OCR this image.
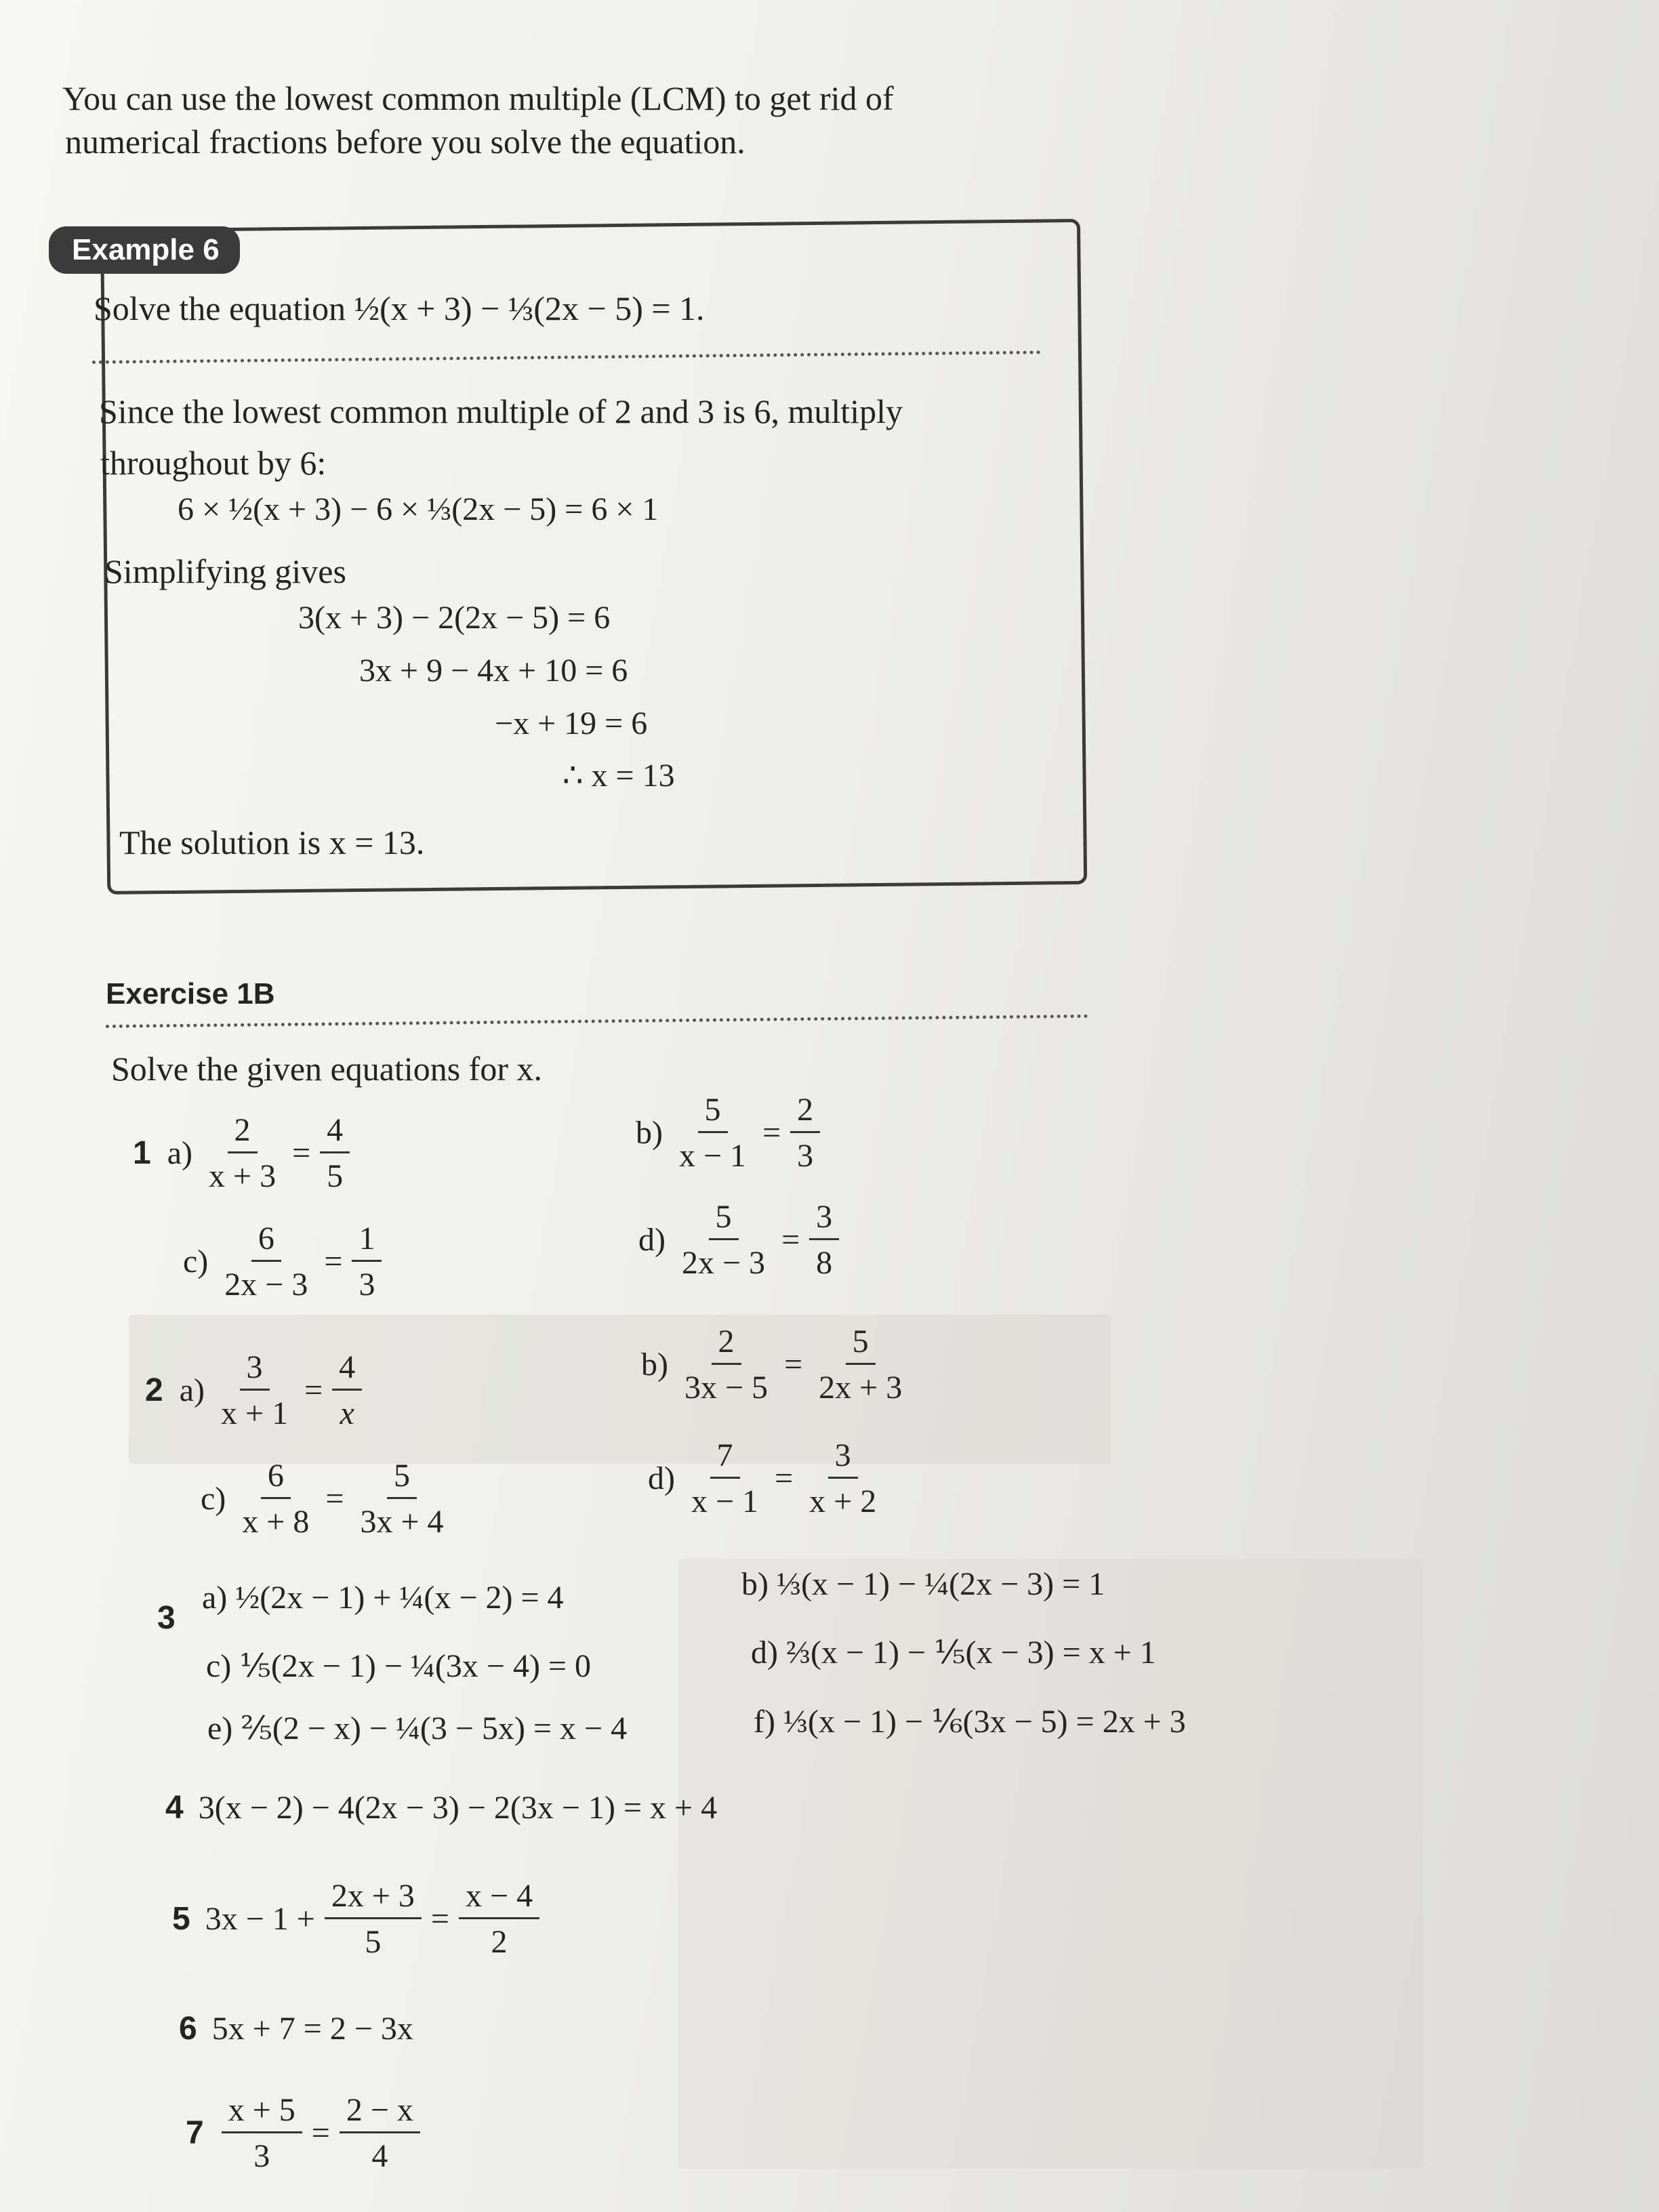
You can use the lowest common multiple (LCM) to get rid of
numerical fractions before you solve the equation.
Example 6
Solve the equation ½(x + 3) − ⅓(2x − 5) = 1.
Since the lowest common multiple of 2 and 3 is 6, multiply
throughout by 6:
6 × ½(x + 3) − 6 × ⅓(2x − 5) = 6 × 1
Simplifying gives
3(x + 3) − 2(2x − 5) = 6
3x + 9 − 4x + 10 = 6
−x + 19 = 6
∴ x = 13
The solution is x = 13.
Exercise 1B
Solve the given equations for x.
1 $a) \frac{2}{x + 3} = \frac{4}{5}$	$b) \frac{5}{x - 1} = \frac{2}{3}$
$c) \frac{6}{2x - 3} = \frac{1}{3}$	$d) \frac{5}{2x - 3} = \frac{3}{8}$
2 $a) \frac{3}{x + 1} = \frac{4}{x}$	$b) \frac{2}{3x - 5} = \frac{5}{2x + 3}$
$c) \frac{6}{x + 8} = \frac{5}{3x + 4}$	$d) \frac{7}{x - 1} = \frac{3}{x + 2}$
3
a) ½(2x − 1) + ¼(x − 2) = 4	b) ⅓(x − 1) − ¼(2x − 3) = 1
c) ⅕(2x − 1) − ¼(3x − 4) = 0	d) ⅔(x − 1) − ⅕(x − 3) = x + 1
e) ⅖(2 − x) − ¼(3 − 5x) = x − 4	f) ⅓(x − 1) − ⅙(3x − 5) = 2x + 3
4 3(x − 2) − 4(2x − 3) − 2(3x − 1) = x + 4
5 $3x - 1 + \frac{2x + 3}{5} = \frac{x - 4}{2}$
6 5x + 7 = 2 − 3x
$7 \frac{x + 5}{3} = \frac{2 - x}{4}$
